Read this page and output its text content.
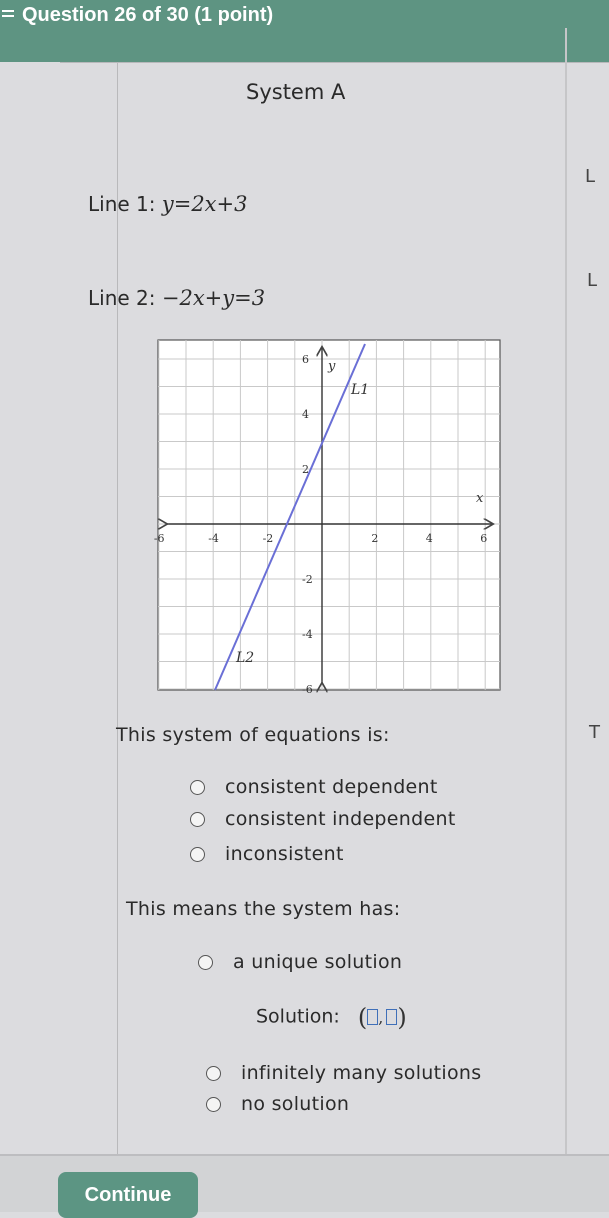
Question 26 of 30 (1 point)
System A
Line 1: y=2x+3
Line 2: −2x+y=3
L
L
T
-6	-4	-2	2	4	6
6
4
2
-2
-4
-6
x
y
L1
L2
This system of equations is:
consistent dependent
consistent independent
inconsistent
This means the system has:
a unique solution
Solution: ( , )
infinitely many solutions
no solution
Continue
